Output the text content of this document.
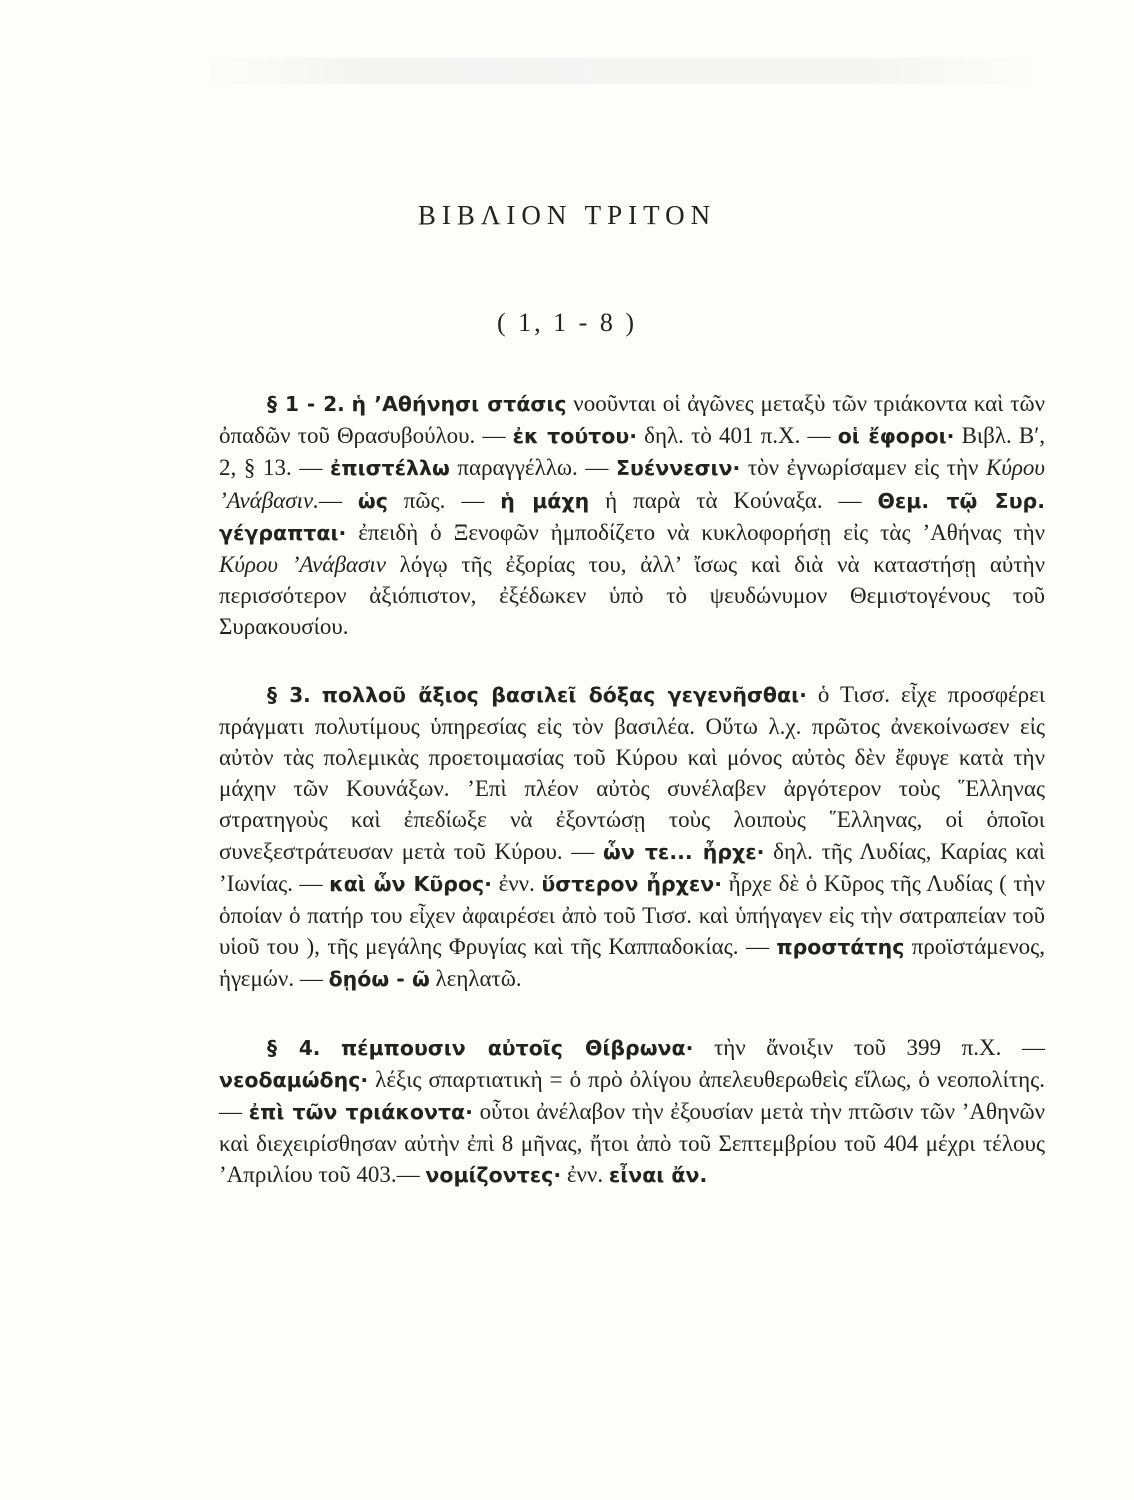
ΒΙΒΛΙΟΝ ΤΡΙΤΟΝ
( 1, 1 - 8 )

§ 1 - 2. ἡ ’Αθήνησι στάσις νοοῦνται οἱ ἀγῶνες μεταξὺ τῶν τριάκοντα καὶ τῶν ὀπαδῶν τοῦ Θρασυβούλου. — ἐκ τούτου· δηλ. τὸ 401 π.Χ. — οἱ ἔφοροι· Βιβλ. Β′, 2, § 13. — ἐπιστέλλω παραγγέλλω. — Συέννεσιν· τὸν ἐγνωρίσαμεν εἰς τὴν Κύρου ’Ανάβασιν.— ὡς πῶς. — ἡ μάχη ἡ παρὰ τὰ Κούναξα. — Θεμ. τῷ Συρ. γέγραπται· ἐπειδὴ ὁ Ξενοφῶν ἠμποδίζετο νὰ κυκλοφορήσῃ εἰς τὰς ’Αθήνας τὴν Κύρου ’Ανάβασιν λόγῳ τῆς ἐξορίας του, ἀλλ’ ἴσως καὶ διὰ νὰ καταστήσῃ αὐτὴν περισσότερον ἀξιόπιστον, ἐξέδωκεν ὑπὸ τὸ ψευδώνυμον Θεμιστογένους τοῦ Συρακουσίου.

§ 3. πολλοῦ ἄξιος βασιλεῖ δόξας γεγενῆσθαι· ὁ Τισσ. εἶχε προσφέρει πράγματι πολυτίμους ὑπηρεσίας εἰς τὸν βασιλέα. Οὕτω λ.χ. πρῶτος ἀνεκοίνωσεν εἰς αὐτὸν τὰς πολεμικὰς προετοιμασίας τοῦ Κύρου καὶ μόνος αὐτὸς δὲν ἔφυγε κατὰ τὴν μάχην τῶν Κουνάξων. ’Επὶ πλέον αὐτὸς συνέλαβεν ἀργότερον τοὺς ῞Ελληνας στρατηγοὺς καὶ ἐπεδίωξε νὰ ἐξοντώσῃ τοὺς λοιποὺς ῞Ελληνας, οἱ ὁποῖοι συνεξεστράτευσαν μετὰ τοῦ Κύρου. — ὧν τε... ἦρχε· δηλ. τῆς Λυδίας, Καρίας καὶ ’Ιωνίας. — καὶ ὧν Κῦρος· ἐνν. ὕστερον ἦρχεν· ἦρχε δὲ ὁ Κῦρος τῆς Λυδίας ( τὴν ὁποίαν ὁ πατήρ του εἶχεν ἀφαιρέσει ἀπὸ τοῦ Τισσ. καὶ ὑπήγαγεν εἰς τὴν σατραπείαν τοῦ υἱοῦ του ), τῆς μεγάλης Φρυγίας καὶ τῆς Καππαδοκίας. — προστάτης προϊστάμενος, ἡγεμών. — δῃόω - ῶ λεηλατῶ.

§ 4. πέμπουσιν αὐτοῖς Θίβρωνα· τὴν ἄνοιξιν τοῦ 399 π.Χ. — νεοδαμώδης· λέξις σπαρτιατικὴ = ὁ πρὸ ὀλίγου ἀπελευθερωθεὶς εἵλως, ὁ νεοπολίτης.— ἐπὶ τῶν τριάκοντα· οὗτοι ἀνέλαβον τὴν ἐξουσίαν μετὰ τὴν πτῶσιν τῶν ’Αθηνῶν καὶ διεχειρίσθησαν αὐτὴν ἐπὶ 8 μῆνας, ἤτοι ἀπὸ τοῦ Σεπτεμβρίου τοῦ 404 μέχρι τέλους ’Απριλίου τοῦ 403.— νομίζοντες· ἐνν. εἶναι ἄν.
